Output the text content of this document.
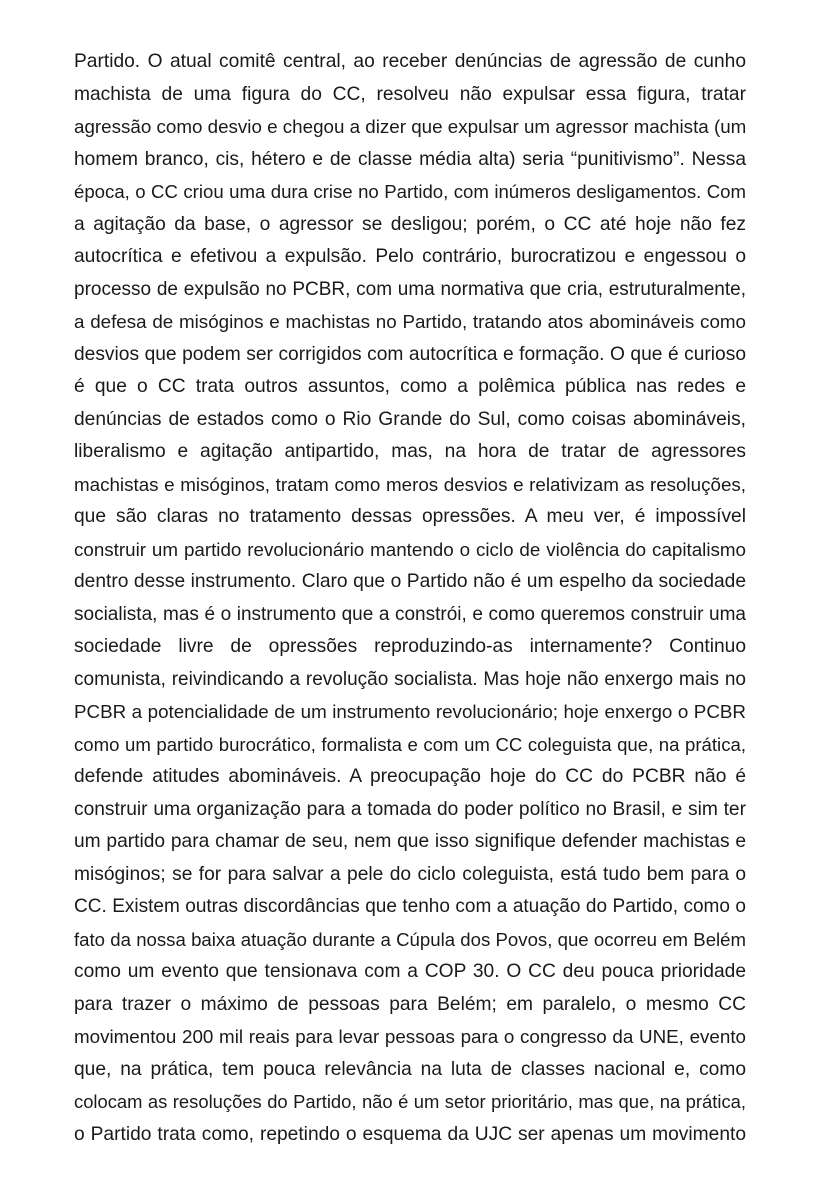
Partido. O atual comitê central, ao receber denúncias de agressão de cunho
machista de uma figura do CC, resolveu não expulsar essa figura, tratar
agressão como desvio e chegou a dizer que expulsar um agressor machista (um
homem branco, cis, hétero e de classe média alta) seria “punitivismo”. Nessa
época, o CC criou uma dura crise no Partido, com inúmeros desligamentos. Com
a agitação da base, o agressor se desligou; porém, o CC até hoje não fez
autocrítica e efetivou a expulsão. Pelo contrário, burocratizou e engessou o
processo de expulsão no PCBR, com uma normativa que cria, estruturalmente,
a defesa de misóginos e machistas no Partido, tratando atos abomináveis como
desvios que podem ser corrigidos com autocrítica e formação. O que é curioso
é que o CC trata outros assuntos, como a polêmica pública nas redes e
denúncias de estados como o Rio Grande do Sul, como coisas abomináveis,
liberalismo e agitação antipartido, mas, na hora de tratar de agressores
machistas e misóginos, tratam como meros desvios e relativizam as resoluções,
que são claras no tratamento dessas opressões. A meu ver, é impossível
construir um partido revolucionário mantendo o ciclo de violência do capitalismo
dentro desse instrumento. Claro que o Partido não é um espelho da sociedade
socialista, mas é o instrumento que a constrói, e como queremos construir uma
sociedade livre de opressões reproduzindo-as internamente? Continuo
comunista, reivindicando a revolução socialista. Mas hoje não enxergo mais no
PCBR a potencialidade de um instrumento revolucionário; hoje enxergo o PCBR
como um partido burocrático, formalista e com um CC coleguista que, na prática,
defende atitudes abomináveis. A preocupação hoje do CC do PCBR não é
construir uma organização para a tomada do poder político no Brasil, e sim ter
um partido para chamar de seu, nem que isso signifique defender machistas e
misóginos; se for para salvar a pele do ciclo coleguista, está tudo bem para o
CC. Existem outras discordâncias que tenho com a atuação do Partido, como o
fato da nossa baixa atuação durante a Cúpula dos Povos, que ocorreu em Belém
como um evento que tensionava com a COP 30. O CC deu pouca prioridade
para trazer o máximo de pessoas para Belém; em paralelo, o mesmo CC
movimentou 200 mil reais para levar pessoas para o congresso da UNE, evento
que, na prática, tem pouca relevância na luta de classes nacional e, como
colocam as resoluções do Partido, não é um setor prioritário, mas que, na prática,
o Partido trata como, repetindo o esquema da UJC ser apenas um movimento
